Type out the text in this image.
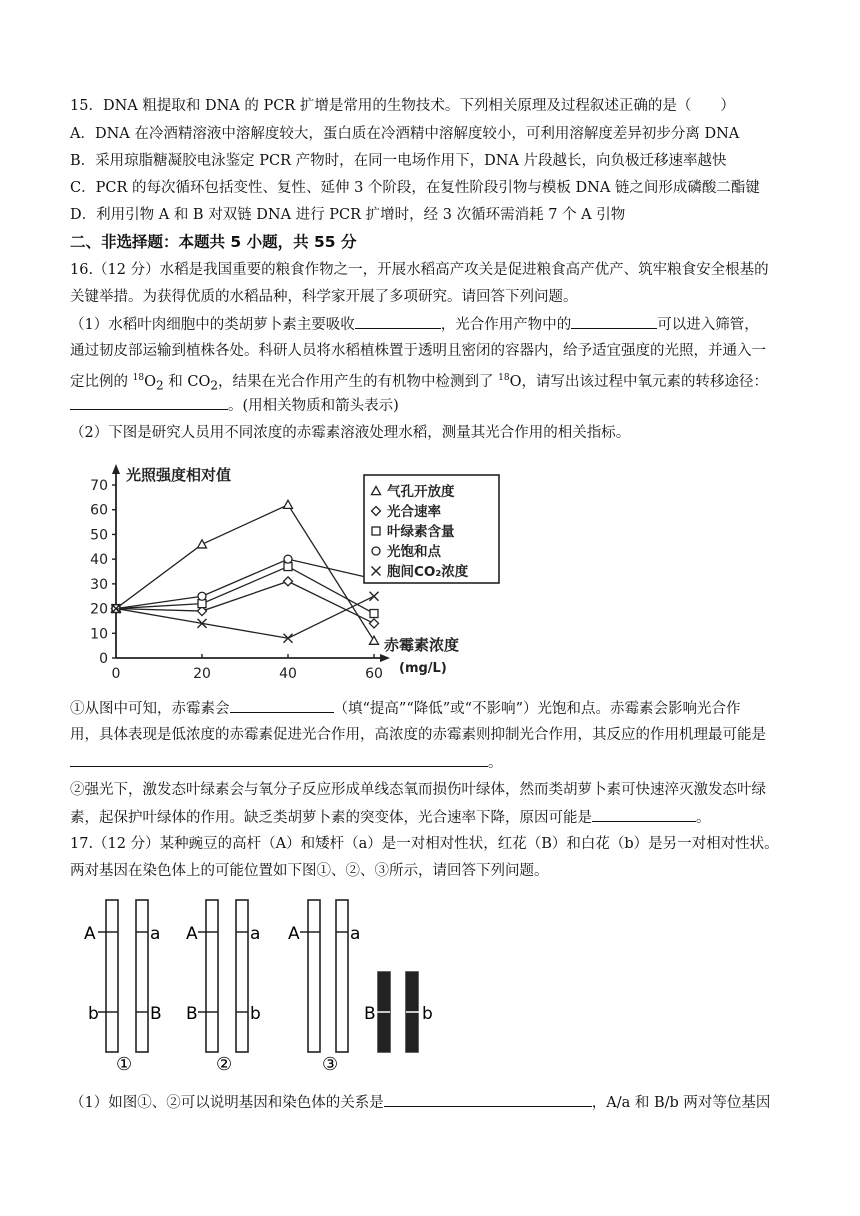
15．DNA 粗提取和 DNA 的 PCR 扩增是常用的生物技术。下列相关原理及过程叙述正确的是（　　）
A．DNA 在冷酒精溶液中溶解度较大，蛋白质在冷酒精中溶解度较小，可利用溶解度差异初步分离 DNA
B．采用琼脂糖凝胶电泳鉴定 PCR 产物时，在同一电场作用下，DNA 片段越长，向负极迁移速率越快
C．PCR 的每次循环包括变性、复性、延伸 3 个阶段，在复性阶段引物与模板 DNA 链之间形成磷酸二酯键
D．利用引物 A 和 B 对双链 DNA 进行 PCR 扩增时，经 3 次循环需消耗 7 个 A 引物
二、非选择题：本题共 5 小题，共 55 分
16.（12 分）水稻是我国重要的粮食作物之一，开展水稻高产攻关是促进粮食高产优产、筑牢粮食安全根基的
关键举措。为获得优质的水稻品种，科学家开展了多项研究。请回答下列问题。
（1）水稻叶肉细胞中的类胡萝卜素主要吸收	，光合作用产物中的	可以进入筛管，
通过韧皮部运输到植株各处。科研人员将水稻植株置于透明且密闭的容器内，给予适宜强度的光照，并通入一
定比例的 $^{18}O_2$ 和 $CO_2$，结果在光合作用产生的有机物中检测到了 $^{18}$O，请写出该过程中氧元素的转移途径：
。(用相关物质和箭头表示)
（2）下图是研究人员用不同浓度的赤霉素溶液处理水稻，测量其光合作用的相关指标。
0
10
20
30
40
50
60
70
0	20	40	60
光照强度相对值
赤霉素浓度
(mg/L)
气孔开放度
光合速率
叶绿素含量
光饱和点
胞间CO₂浓度
①从图中可知，赤霉素会	（填“提高”“降低”或“不影响”）光饱和点。赤霉素会影响光合作
用，具体表现是低浓度的赤霉素促进光合作用，高浓度的赤霉素则抑制光合作用，其反应的作用机理最可能是
。
②强光下，激发态叶绿素会与氧分子反应形成单线态氧而损伤叶绿体，然而类胡萝卜素可快速淬灭激发态叶绿
素，起保护叶绿体的作用。缺乏类胡萝卜素的突变体，光合速率下降，原因可能是	。
17.（12 分）某种豌豆的高杆（A）和矮杆（a）是一对相对性状，红花（B）和白花（b）是另一对相对性状。
两对基因在染色体上的可能位置如下图①、②、③所示，请回答下列问题。
A	a
b	B
①
A	a
B	b
②
A	a
B	b
③
（1）如图①、②可以说明基因和染色体的关系是	，A/a 和 B/b 两对等位基因
